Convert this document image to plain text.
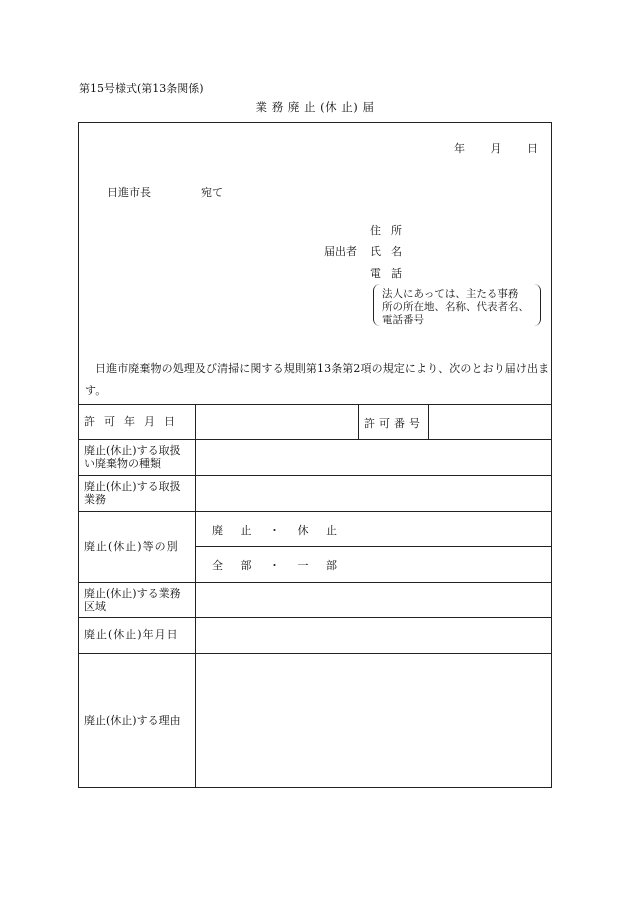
第15号様式(第13条関係)
業 務 廃 止 (休 止) 届
年 月 日
日進市長	宛て
住所
届出者 氏名
電話
法人にあっては、主たる事務
所の所在地、名称、代表者名、
電話番号
日進市廃棄物の処理及び清掃に関する規則第13条第2項の規定により、次のとおり届け出ます。
許可年月日	許可番号
廃止(休止)する取扱
い廃棄物の種類
廃止(休止)する取扱
業務
廃止(休止)等の別
廃 止 ・ 休 止
全 部 ・ 一 部
廃止(休止)する業務
区域
廃止(休止)年月日
廃止(休止)する理由
